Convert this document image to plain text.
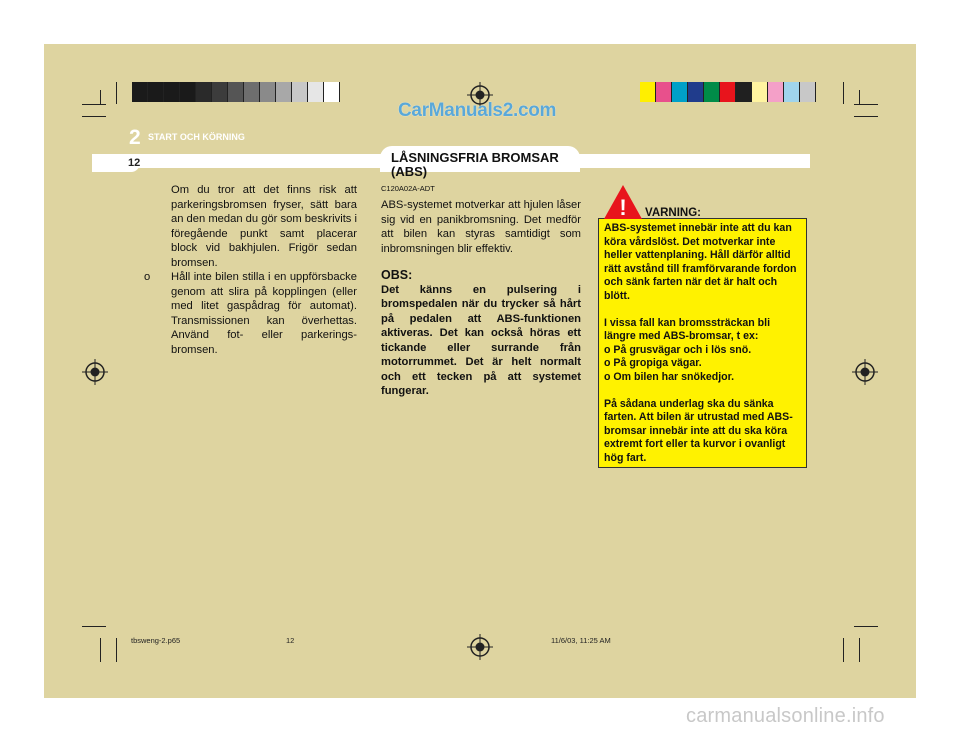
CarManuals2.com
2 START OCH KÖRNING
12	LÅSNINGSFRIA BROMSAR (ABS)
C120A02A-ADT

Om du tror att det finns risk att parkeringsbromsen fryser, sätt bara an den medan du gör som beskrivits i föregående punkt samt placerar block vid bakhjulen. Frigör sedan bromsen.

o Håll inte bilen stilla i en uppförsbacke genom att slira på kopplingen (eller med litet gaspådrag för automat). Transmissionen kan överhettas. Använd fot- eller parkerings-bromsen.

ABS-systemet motverkar att hjulen låser sig vid en panikbromsning. Det medför att bilen kan styras samtidigt som inbromsningen blir effektiv.

OBS:

Det känns en pulsering i bromspedalen när du trycker så hårt på pedalen att ABS-funktionen aktiveras. Det kan också höras ett tickande eller surrande från motorrummet. Det är helt normalt och ett tecken på att systemet fungerar.

! VARNING:

ABS-systemet innebär inte att du kan köra vårdslöst. Det motverkar inte heller vattenplaning. Håll därför alltid rätt avstånd till framförvarande fordon och sänk farten när det är halt och blött.

I vissa fall kan bromssträckan bli längre med ABS-bromsar, t ex:

o På grusvägar och i lös snö.

o På gropiga vägar.

o Om bilen har snökedjor.

På sådana underlag ska du sänka farten. Att bilen är utrustad med ABS-bromsar innebär inte att du ska köra extremt fort eller ta kurvor i ovanligt hög fart.

tbsweng-2.p65	12	11/6/03, 11:25 AM
carmanualsonline.info
